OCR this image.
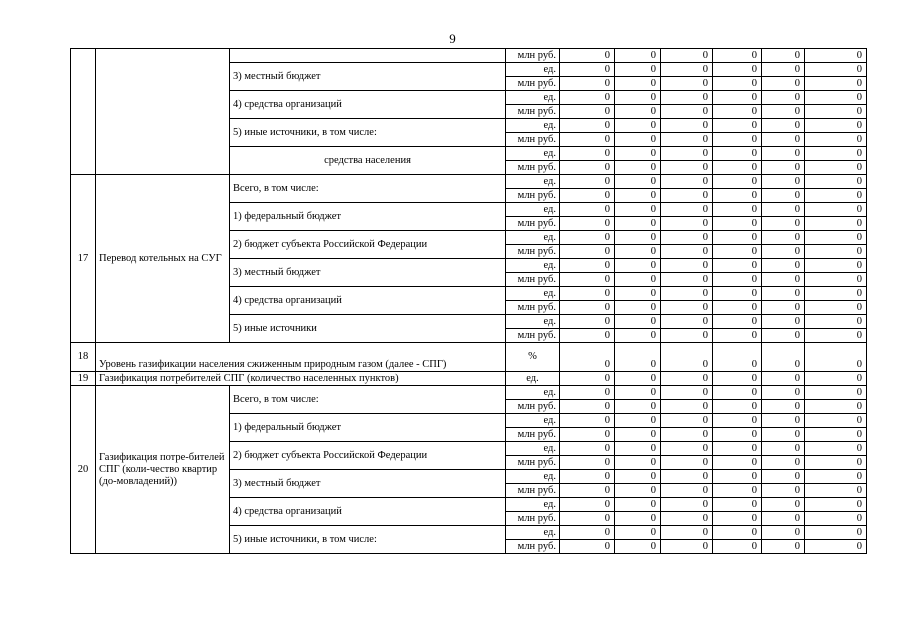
9
			млн руб.	0	0	0	0	0	0
		3) местный бюджет	ед.	0	0	0	0	0	0
			млн руб.	0	0	0	0	0	0
		4) средства организаций	ед.	0	0	0	0	0	0
			млн руб.	0	0	0	0	0	0
		5) иные источники, в том числе:	ед.	0	0	0	0	0	0
			млн руб.	0	0	0	0	0	0
		средства населения	ед.	0	0	0	0	0	0
			млн руб.	0	0	0	0	0	0
17	Перевод котельных на СУГ	Всего, в том числе:	ед.	0	0	0	0	0	0
			млн руб.	0	0	0	0	0	0
		1) федеральный бюджет	ед.	0	0	0	0	0	0
			млн руб.	0	0	0	0	0	0
		2) бюджет субъекта Российской Федерации	ед.	0	0	0	0	0	0
			млн руб.	0	0	0	0	0	0
		3) местный бюджет	ед.	0	0	0	0	0	0
			млн руб.	0	0	0	0	0	0
		4) средства организаций	ед.	0	0	0	0	0	0
			млн руб.	0	0	0	0	0	0
		5) иные источники	ед.	0	0	0	0	0	0
			млн руб.	0	0	0	0	0	0
18	Уровень газификации населения сжиженным природным газом (далее - СПГ)		%	0	0	0	0	0	0
19	Газификация потребителей СПГ (количество населенных пунктов)		ед.	0	0	0	0	0	0
20	Газификация потре-бителей СПГ (коли-чество квартир (до-мовладений))	Всего, в том числе:	ед.	0	0	0	0	0	0
			млн руб.	0	0	0	0	0	0
		1) федеральный бюджет	ед.	0	0	0	0	0	0
			млн руб.	0	0	0	0	0	0
		2) бюджет субъекта Российской Федерации	ед.	0	0	0	0	0	0
			млн руб.	0	0	0	0	0	0
		3) местный бюджет	ед.	0	0	0	0	0	0
			млн руб.	0	0	0	0	0	0
		4) средства организаций	ед.	0	0	0	0	0	0
			млн руб.	0	0	0	0	0	0
		5) иные источники, в том числе:	ед.	0	0	0	0	0	0
			млн руб.	0	0	0	0	0	0
